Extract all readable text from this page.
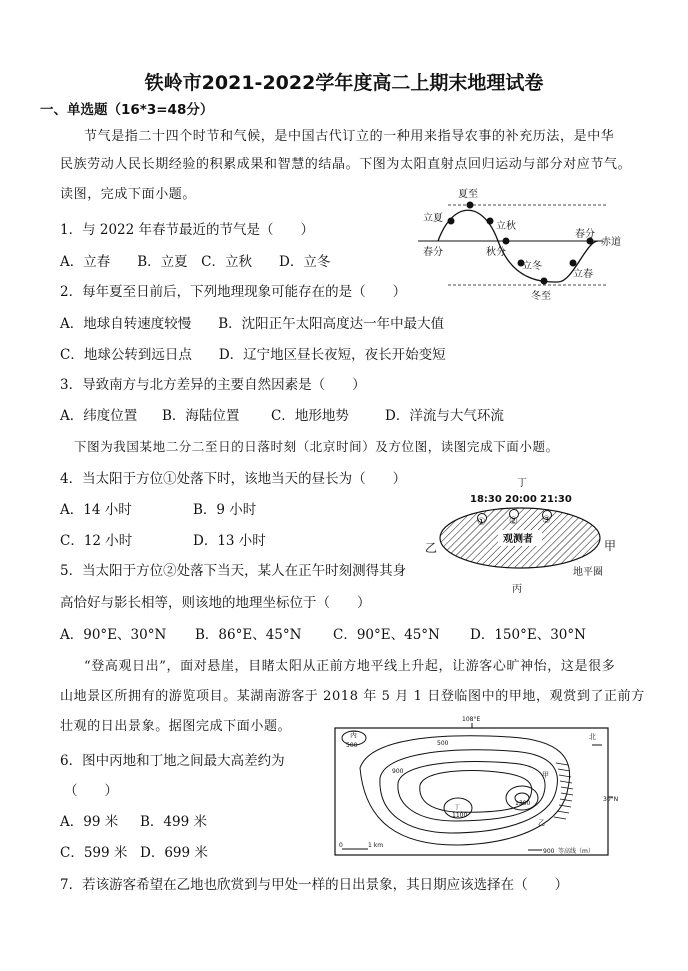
铁岭市2021-2022学年度高二上期末地理试卷
一、单选题（16*3=48分）
节气是指二十四个时节和气候，是中国古代订立的一种用来指导农事的补充历法，是中华
民族劳动人民长期经验的积累成果和智慧的结晶。下图为太阳直射点回归运动与部分对应节气。
读图，完成下面小题。
1．与 2022 年春节最近的节气是（　　）
A．立春　　B．立夏　C．立秋　　D．立冬
2．每年夏至日前后，下列地理现象可能存在的是（　　）
A．地球自转速度较慢　　B．沈阳正午太阳高度达一年中最大值
C．地球公转到远日点　　D．辽宁地区昼长夜短，夜长开始变短
3．导致南方与北方差异的主要自然因素是（　　）
A．纬度位置 B．海陆位置 C．地形地势	D．洋流与大气环流
下图为我国某地二分二至日的日落时刻（北京时间）及方位图，读图完成下面小题。
4．当太阳于方位①处落下时，该地当天的昼长为（　　）
A．14 小时	B．9 小时
C．12 小时	D．13 小时
5．当太阳于方位②处落下当天，某人在正午时刻测得其身
高恰好与影长相等，则该地的地理坐标位于（　　）
A．90°E、30°N B．86°E、45°N C．90°E、45°N D．150°E、30°N
“登高观日出”，面对悬崖，目睹太阳从正前方地平线上升起，让游客心旷神怡，这是很多
山地景区所拥有的游览项目。某湖南游客于 2018 年 5 月 1 日登临图中的甲地，观赏到了正前方
壮观的日出景象。据图完成下面小题。
6．图中丙地和丁地之间最大高差约为
（　　）
A．99 米 B．499 米
C．599 米 D．699 米
7．若该游客希望在乙地也欣赏到与甲处一样的日出景象，其日期应该选择在（　　）
夏至
立夏
立秋
春分	秋分
春分
赤道
立冬
立春
冬至
丁
18:30 20:00 21:30
① ② ③
乙	甲
丙
观测者
地平圈
108°E
30°N
北
丙
500	500
900
丁
1100
1300
甲
乙
0	1 km
900 等高线（m）
